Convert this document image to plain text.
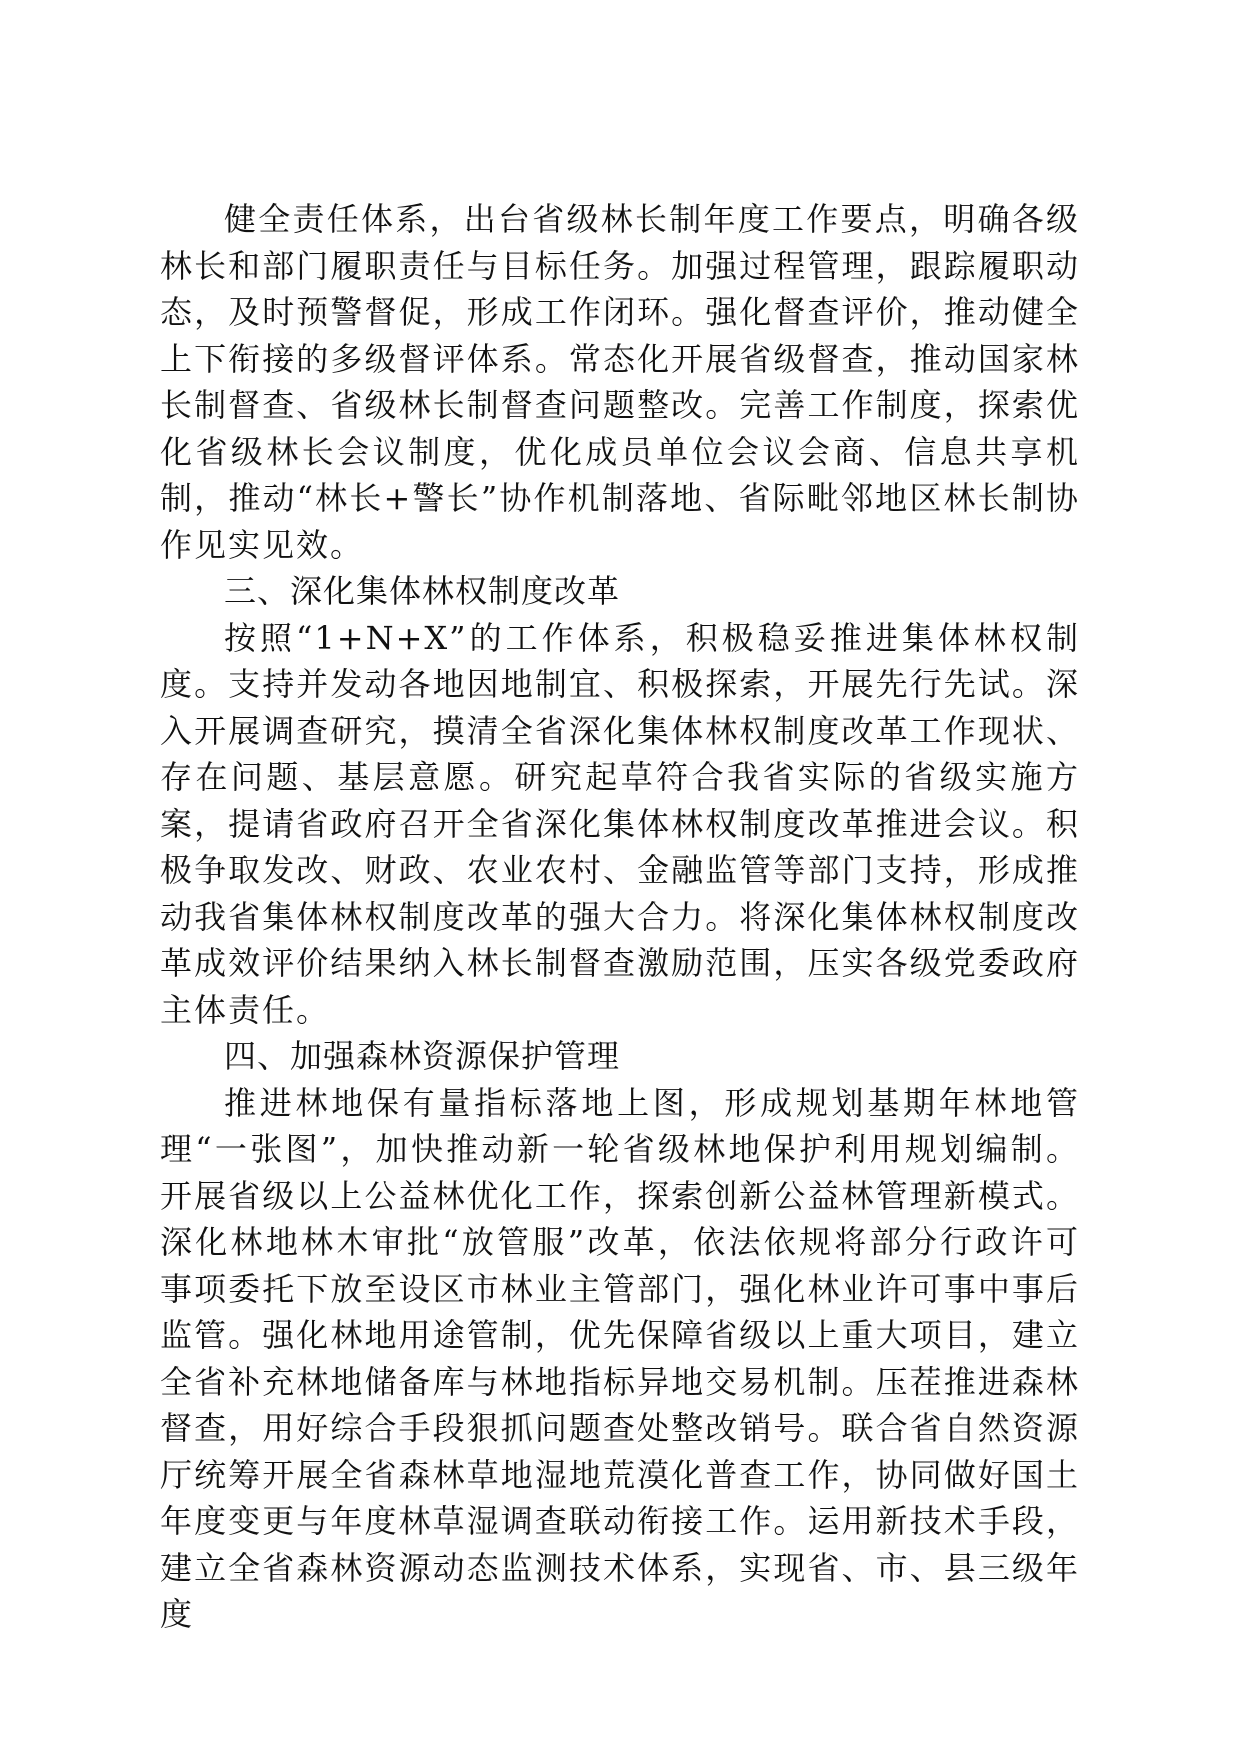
健全责任体系，出台省级林长制年度工作要点，明确各级林长和部门履职责任与目标任务。加强过程管理，跟踪履职动态，及时预警督促，形成工作闭环。强化督查评价，推动健全上下衔接的多级督评体系。常态化开展省级督查，推动国家林长制督查、省级林长制督查问题整改。完善工作制度，探索优化省级林长会议制度，优化成员单位会议会商、信息共享机制，推动“林长+警长”协作机制落地、省际毗邻地区林长制协作见实见效。

三、深化集体林权制度改革

按照“1+N+X”的工作体系，积极稳妥推进集体林权制度。支持并发动各地因地制宜、积极探索，开展先行先试。深入开展调查研究，摸清全省深化集体林权制度改革工作现状、存在问题、基层意愿。研究起草符合我省实际的省级实施方案，提请省政府召开全省深化集体林权制度改革推进会议。积极争取发改、财政、农业农村、金融监管等部门支持，形成推动我省集体林权制度改革的强大合力。将深化集体林权制度改革成效评价结果纳入林长制督查激励范围，压实各级党委政府主体责任。

四、加强森林资源保护管理

推进林地保有量指标落地上图，形成规划基期年林地管理“一张图”，加快推动新一轮省级林地保护利用规划编制。开展省级以上公益林优化工作，探索创新公益林管理新模式。深化林地林木审批“放管服”改革，依法依规将部分行政许可事项委托下放至设区市林业主管部门，强化林业许可事中事后监管。强化林地用途管制，优先保障省级以上重大项目，建立全省补充林地储备库与林地指标异地交易机制。压茬推进森林督查，用好综合手段狠抓问题查处整改销号。联合省自然资源厅统筹开展全省森林草地湿地荒漠化普查工作，协同做好国土年度变更与年度林草湿调查联动衔接工作。运用新技术手段，建立全省森林资源动态监测技术体系，实现省、市、县三级年度
